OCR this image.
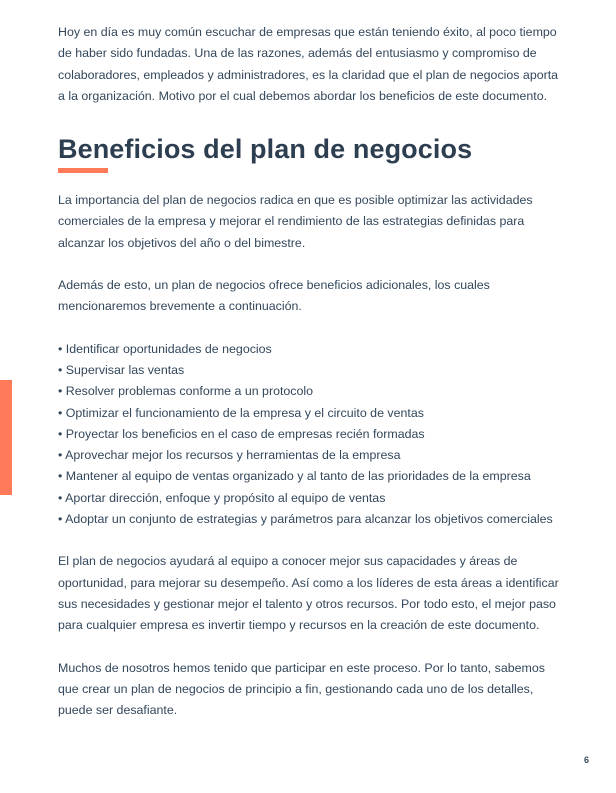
Hoy en día es muy común escuchar de empresas que están teniendo éxito, al poco tiempo de haber sido fundadas. Una de las razones, además del entusiasmo y compromiso de colaboradores, empleados y administradores, es la claridad que el plan de negocios aporta a la organización. Motivo por el cual debemos abordar los beneficios de este documento.

Beneficios del plan de negocios

La importancia del plan de negocios radica en que es posible optimizar las actividades comerciales de la empresa y mejorar el rendimiento de las estrategias definidas para alcanzar los objetivos del año o del bimestre.

Además de esto, un plan de negocios ofrece beneficios adicionales, los cuales mencionaremos brevemente a continuación.

• Identificar oportunidades de negocios
• Supervisar las ventas
• Resolver problemas conforme a un protocolo
• Optimizar el funcionamiento de la empresa y el circuito de ventas
• Proyectar los beneficios en el caso de empresas recién formadas
• Aprovechar mejor los recursos y herramientas de la empresa
• Mantener al equipo de ventas organizado y al tanto de las prioridades de la empresa
• Aportar dirección, enfoque y propósito al equipo de ventas
• Adoptar un conjunto de estrategias y parámetros para alcanzar los objetivos comerciales

El plan de negocios ayudará al equipo a conocer mejor sus capacidades y áreas de oportunidad, para mejorar su desempeño. Así como a los líderes de esta áreas a identificar sus necesidades y gestionar mejor el talento y otros recursos. Por todo esto, el mejor paso para cualquier empresa es invertir tiempo y recursos en la creación de este documento.

Muchos de nosotros hemos tenido que participar en este proceso. Por lo tanto, sabemos que crear un plan de negocios de principio a fin, gestionando cada uno de los detalles, puede ser desafiante.

6
